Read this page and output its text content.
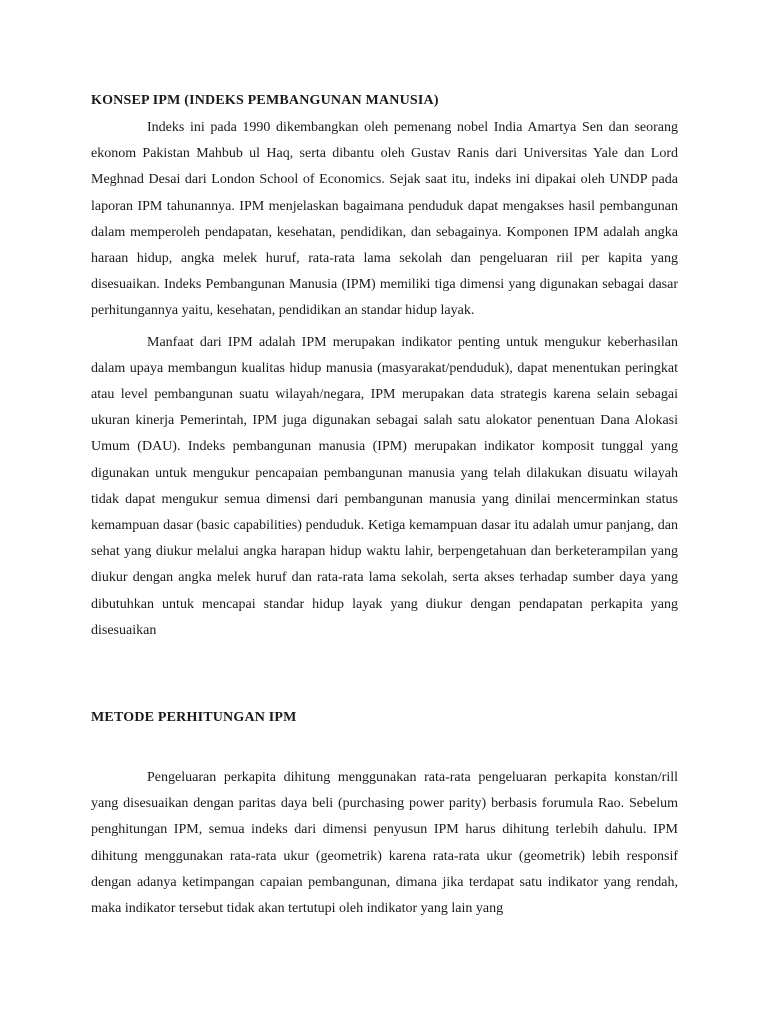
KONSEP IPM (INDEKS PEMBANGUNAN MANUSIA)

Indeks ini pada 1990 dikembangkan oleh pemenang nobel India Amartya Sen dan seorang ekonom Pakistan Mahbub ul Haq, serta dibantu oleh Gustav Ranis dari Universitas Yale dan Lord Meghnad Desai dari London School of Economics. Sejak saat itu, indeks ini dipakai oleh UNDP pada laporan IPM tahunannya. IPM menjelaskan bagaimana penduduk dapat mengakses hasil pembangunan dalam memperoleh pendapatan, kesehatan, pendidikan, dan sebagainya. Komponen IPM adalah angka haraan hidup, angka melek huruf, rata-rata lama sekolah dan pengeluaran riil per kapita yang disesuaikan. Indeks Pembangunan Manusia (IPM) memiliki tiga dimensi yang digunakan sebagai dasar perhitungannya yaitu, kesehatan, pendidikan an standar hidup layak.

Manfaat dari IPM adalah IPM merupakan indikator penting untuk mengukur keberhasilan dalam upaya membangun kualitas hidup manusia (masyarakat/penduduk), dapat menentukan peringkat atau level pembangunan suatu wilayah/negara, IPM merupakan data strategis karena selain sebagai ukuran kinerja Pemerintah, IPM juga digunakan sebagai salah satu alokator penentuan Dana Alokasi Umum (DAU). Indeks pembangunan manusia (IPM) merupakan indikator komposit tunggal yang digunakan untuk mengukur pencapaian pembangunan manusia yang telah dilakukan disuatu wilayah tidak dapat mengukur semua dimensi dari pembangunan manusia yang dinilai mencerminkan status kemampuan dasar (basic capabilities) penduduk. Ketiga kemampuan dasar itu adalah umur panjang, dan sehat yang diukur melalui angka harapan hidup waktu lahir, berpengetahuan dan berketerampilan yang diukur dengan angka melek huruf dan rata-rata lama sekolah, serta akses terhadap sumber daya yang dibutuhkan untuk mencapai standar hidup layak yang diukur dengan pendapatan perkapita yang disesuaikan

METODE PERHITUNGAN IPM

Pengeluaran perkapita dihitung menggunakan rata-rata pengeluaran perkapita konstan/rill yang disesuaikan dengan paritas daya beli (purchasing power parity) berbasis forumula Rao. Sebelum penghitungan IPM, semua indeks dari dimensi penyusun IPM harus dihitung terlebih dahulu. IPM dihitung menggunakan rata-rata ukur (geometrik) karena rata-rata ukur (geometrik) lebih responsif dengan adanya ketimpangan capaian pembangunan, dimana jika terdapat satu indikator yang rendah, maka indikator tersebut tidak akan tertutupi oleh indikator yang lain yang
